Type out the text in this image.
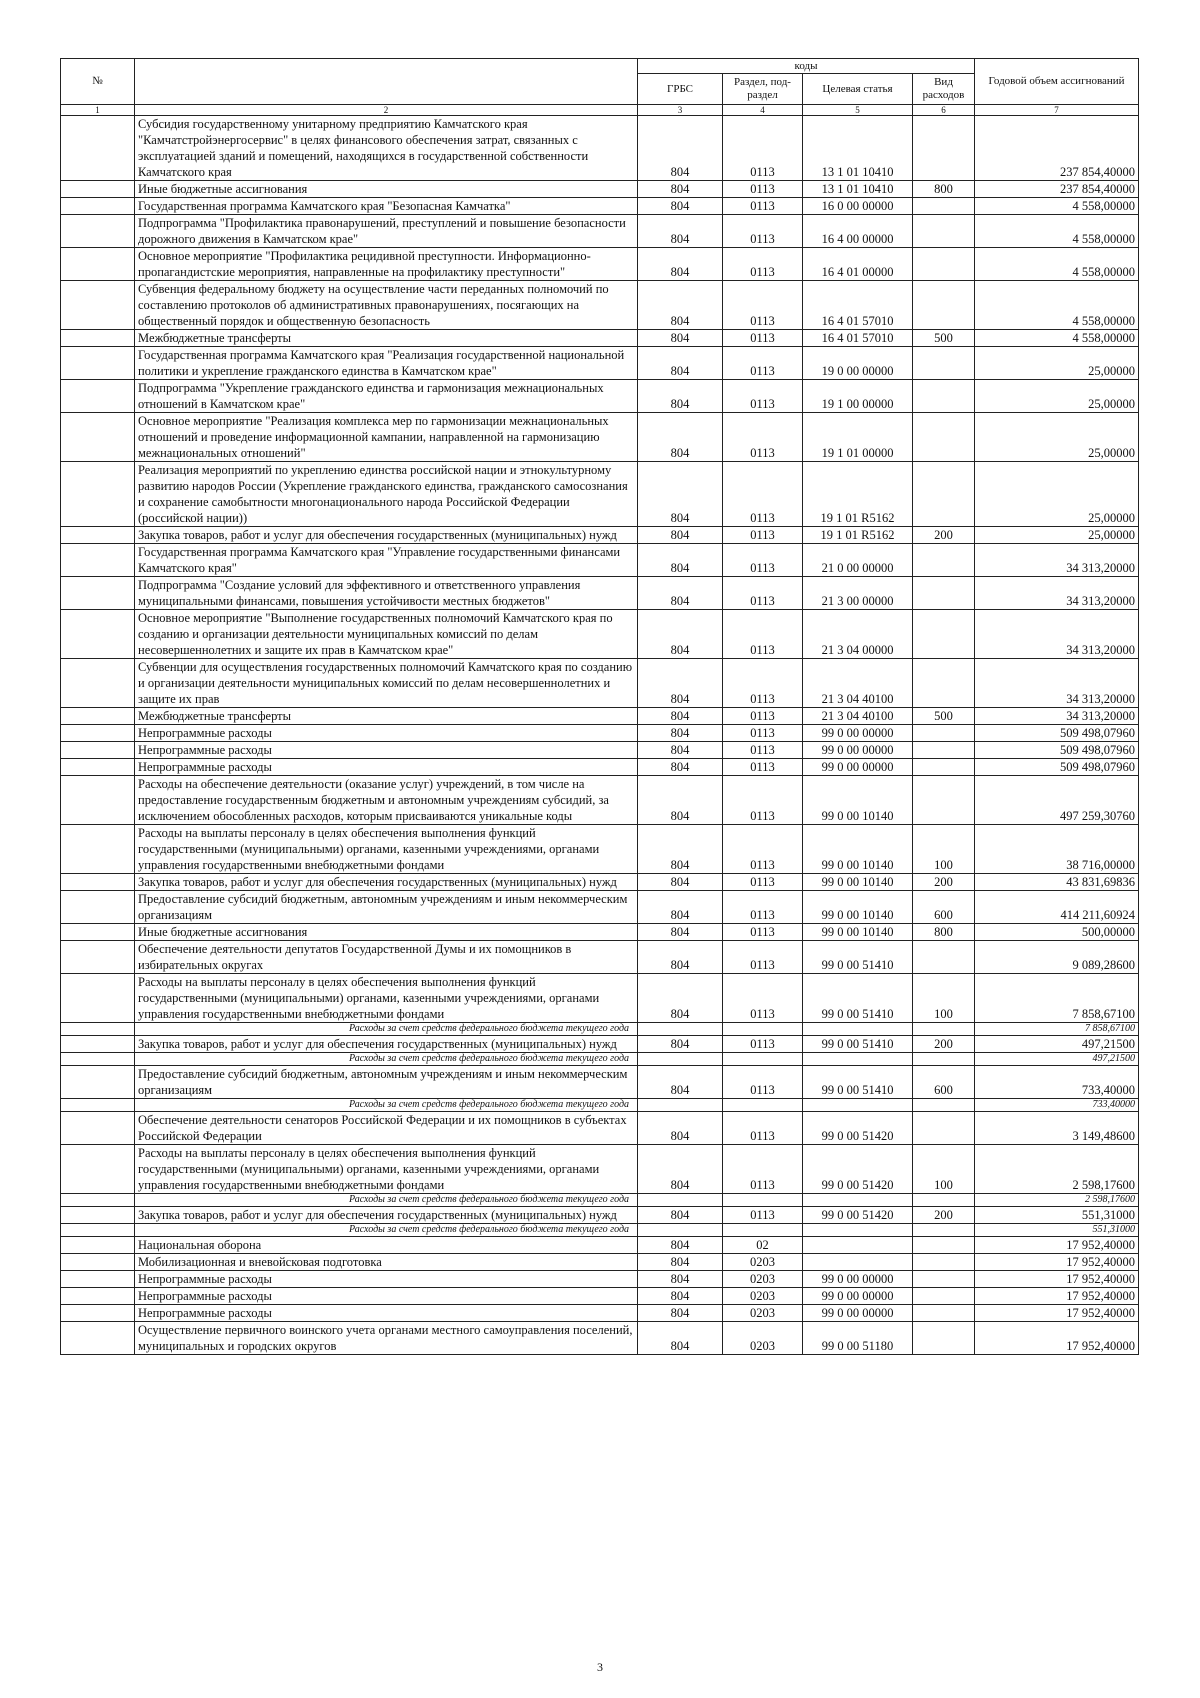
№		коды				Годовой объем ассигнований
		ГРБС	Раздел, под-раздел	Целевая статья	Вид расходов	
1	2	3	4	5	6	7
	Субсидия государственному унитарному предприятию Камчатского края "Камчатстройэнергосервис" в целях финансового обеспечения затрат, связанных с эксплуатацией зданий и помещений, находящихся в государственной собственности Камчатского края	804	0113	13 1 01 10410		237 854,40000
	Иные бюджетные ассигнования	804	0113	13 1 01 10410	800	237 854,40000
	Государственная программа Камчатского края "Безопасная Камчатка"	804	0113	16 0 00 00000		4 558,00000
	Подпрограмма "Профилактика правонарушений, преступлений и повышение безопасности дорожного движения в Камчатском крае"	804	0113	16 4 00 00000		4 558,00000
	Основное мероприятие "Профилактика рецидивной преступности. Информационно-пропагандистские мероприятия, направленные на профилактику преступности"	804	0113	16 4 01 00000		4 558,00000
	Субвенция федеральному бюджету на осуществление части переданных полномочий по составлению протоколов об административных правонарушениях, посягающих на общественный порядок и общественную безопасность	804	0113	16 4 01 57010		4 558,00000
	Межбюджетные трансферты	804	0113	16 4 01 57010	500	4 558,00000
	Государственная программа Камчатского края "Реализация государственной национальной политики и укрепление гражданского единства в Камчатском крае"	804	0113	19 0 00 00000		25,00000
	Подпрограмма "Укрепление гражданского единства и гармонизация межнациональных отношений в Камчатском крае"	804	0113	19 1 00 00000		25,00000
	Основное мероприятие "Реализация комплекса мер по гармонизации межнациональных отношений и проведение информационной кампании, направленной на гармонизацию межнациональных отношений"	804	0113	19 1 01 00000		25,00000
	Реализация мероприятий по укреплению единства российской нации и этнокультурному развитию народов России (Укрепление гражданского единства, гражданского самосознания и сохранение самобытности многонационального народа Российской Федерации (российской нации))	804	0113	19 1 01 R5162		25,00000
	Закупка товаров, работ и услуг для обеспечения государственных (муниципальных) нужд	804	0113	19 1 01 R5162	200	25,00000
	Государственная программа Камчатского края "Управление государственными финансами Камчатского края"	804	0113	21 0 00 00000		34 313,20000
	Подпрограмма "Создание условий для эффективного и ответственного управления муниципальными финансами, повышения устойчивости местных бюджетов"	804	0113	21 3 00 00000		34 313,20000
	Основное мероприятие "Выполнение государственных полномочий Камчатского края по созданию и организации деятельности муниципальных комиссий по делам несовершеннолетних и защите их прав в Камчатском крае"	804	0113	21 3 04 00000		34 313,20000
	Субвенции для осуществления государственных полномочий Камчатского края по созданию и организации деятельности муниципальных комиссий по делам несовершеннолетних и защите их прав	804	0113	21 3 04 40100		34 313,20000
	Межбюджетные трансферты	804	0113	21 3 04 40100	500	34 313,20000
	Непрограммные расходы	804	0113	99 0 00 00000		509 498,07960
	Непрограммные расходы	804	0113	99 0 00 00000		509 498,07960
	Непрограммные расходы	804	0113	99 0 00 00000		509 498,07960
	Расходы на обеспечение деятельности (оказание услуг) учреждений, в том числе на предоставление государственным бюджетным и автономным учреждениям субсидий, за исключением обособленных расходов, которым присваиваются уникальные коды	804	0113	99 0 00 10140		497 259,30760
	Расходы на выплаты персоналу в целях обеспечения выполнения функций государственными (муниципальными) органами, казенными учреждениями, органами управления государственными внебюджетными фондами	804	0113	99 0 00 10140	100	38 716,00000
	Закупка товаров, работ и услуг для обеспечения государственных (муниципальных) нужд	804	0113	99 0 00 10140	200	43 831,69836
	Предоставление субсидий бюджетным, автономным учреждениям и иным некоммерческим организациям	804	0113	99 0 00 10140	600	414 211,60924
	Иные бюджетные ассигнования	804	0113	99 0 00 10140	800	500,00000
	Обеспечение деятельности депутатов Государственной Думы и их помощников в избирательных округах	804	0113	99 0 00 51410		9 089,28600
	Расходы на выплаты персоналу в целях обеспечения выполнения функций государственными (муниципальными) органами, казенными учреждениями, органами управления государственными внебюджетными фондами	804	0113	99 0 00 51410	100	7 858,67100
	Расходы за счет средств федерального бюджета текущего года					7 858,67100
	Закупка товаров, работ и услуг для обеспечения государственных (муниципальных) нужд	804	0113	99 0 00 51410	200	497,21500
	Расходы за счет средств федерального бюджета текущего года					497,21500
	Предоставление субсидий бюджетным, автономным учреждениям и иным некоммерческим организациям	804	0113	99 0 00 51410	600	733,40000
	Расходы за счет средств федерального бюджета текущего года					733,40000
	Обеспечение деятельности сенаторов Российской Федерации и их помощников в субъектах Российской Федерации	804	0113	99 0 00 51420		3 149,48600
	Расходы на выплаты персоналу в целях обеспечения выполнения функций государственными (муниципальными) органами, казенными учреждениями, органами управления государственными внебюджетными фондами	804	0113	99 0 00 51420	100	2 598,17600
	Расходы за счет средств федерального бюджета текущего года					2 598,17600
	Закупка товаров, работ и услуг для обеспечения государственных (муниципальных) нужд	804	0113	99 0 00 51420	200	551,31000
	Расходы за счет средств федерального бюджета текущего года					551,31000
	Национальная оборона	804	02			17 952,40000
	Мобилизационная и вневойсковая подготовка	804	0203			17 952,40000
	Непрограммные расходы	804	0203	99 0 00 00000		17 952,40000
	Непрограммные расходы	804	0203	99 0 00 00000		17 952,40000
	Непрограммные расходы	804	0203	99 0 00 00000		17 952,40000
	Осуществление первичного воинского учета органами местного самоуправления поселений, муниципальных и городских округов	804	0203	99 0 00 51180		17 952,40000
3
